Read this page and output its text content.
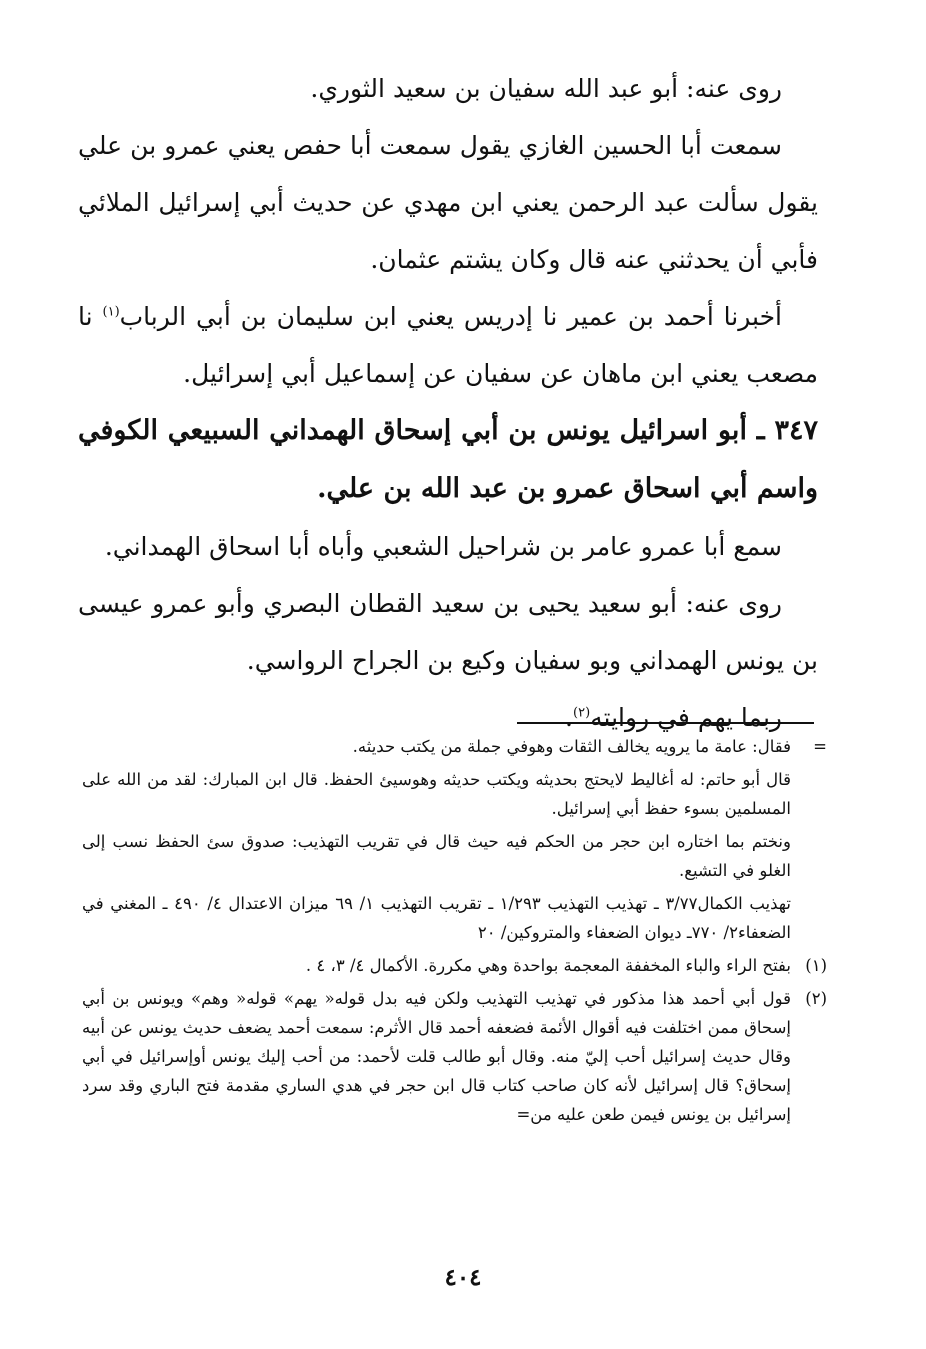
روى عنه: أبو عبد الله سفيان بن سعيد الثوري.

سمعت أبا الحسين الغازي يقول سمعت أبا حفص يعني عمرو بن علي يقول سألت عبد الرحمن يعني ابن مهدي عن حديث أبي إسرائيل الملائي فأبي أن يحدثني عنه قال وكان يشتم عثمان.

أخبرنا أحمد بن عمير نا إدريس يعني ابن سليمان بن أبي الرباب$^{(١)}$ نا مصعب يعني ابن ماهان عن سفيان عن إسماعيل أبي إسرائيل.

٣٤٧ ـ أبو اسرائيل يونس بن أبي إسحاق الهمداني السبيعي الكوفي واسم أبي اسحاق عمرو بن عبد الله بن علي.

سمع أبا عمرو عامر بن شراحيل الشعبي وأباه أبا اسحاق الهمداني.

روى عنه: أبو سعيد يحيى بن سعيد القطان البصري وأبو عمرو عيسى بن يونس الهمداني وبو سفيان وكيع بن الجراح الرواسي.

ربما يهم في روايته$^{(٢)}$.

=
فقال: عامة ما يرويه يخالف الثقات وهوفي جملة من يكتب حديثه.
قال أبو حاتم: له أغاليط لايحتج بحديثه ويكتب حديثه وهوسيئ الحفظ. قال ابن المبارك: لقد من الله على المسلمين بسوء حفظ أبي إسرائيل.
ونختم بما اختاره ابن حجر من الحكم فيه حيث قال في تقريب التهذيب: صدوق سئ الحفظ نسب إلى الغلو في التشيع.
تهذيب الكمال٣/٧٧ ـ تهذيب التهذيب ١/٢٩٣ ـ تقريب التهذيب ١/ ٦٩ ميزان الاعتدال ٤/ ٤٩٠ ـ المغني في الضعفاء٢/ ٧٧٠ـ ديوان الضعفاء والمتروكين/ ٢٠
(١)
بفتح الراء والباء المخففة المعجمة بواحدة وهي مكررة. الأكمال ٤/ ٣، ٤ .
(٢)
قول أبي أحمد هذا مذكور في تهذيب التهذيب ولكن فيه بدل قوله« يهم» قوله« وهم» ويونس بن أبي إسحاق ممن اختلفت فيه أقوال الأئمة فضعفه أحمد قال الأثرم: سمعت أحمد يضعف حديث يونس عن أبيه وقال حديث إسرائيل أحب إليّ منه. وقال أبو طالب قلت لأحمد: من أحب إليك يونس أوإسرائيل في أبي إسحاق؟ قال إسرائيل لأنه كان صاحب كتاب قال ابن حجر في هدي الساري مقدمة فتح الباري وقد سرد إسرائيل بن يونس فيمن طعن عليه من=
٤٠٤
